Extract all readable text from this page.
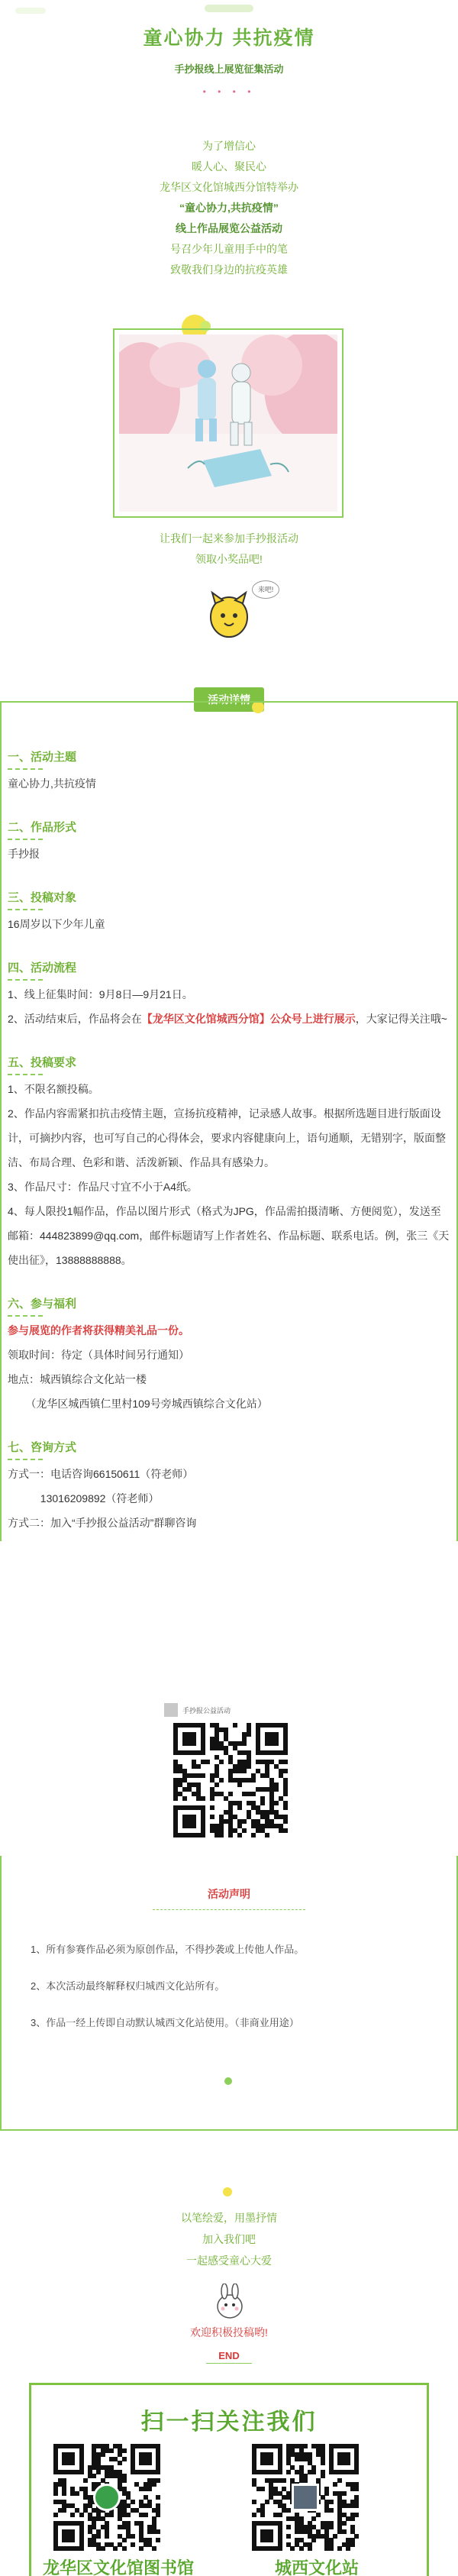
童心协力 共抗疫情
手抄报线上展览征集活动
• • • •

为了增信心

暖人心、聚民心

龙华区文化馆城西分馆特举办

“童心协力,共抗疫情”

线上作品展览公益活动

号召少年儿童用手中的笔

致敬我们身边的抗疫英雄

让我们一起来参加手抄报活动

领取小奖品吧!

来吧!
活动详情
一、活动主题
童心协力,共抗疫情
二、作品形式
手抄报
三、投稿对象
16周岁以下少年儿童
四、活动流程
1、线上征集时间：9月8日—9月21日。
2、活动结束后，作品将会在【龙华区文化馆城西分馆】公众号上进行展示，大家记得关注哦~
五、投稿要求
1、不限名额投稿。
2、作品内容需紧扣抗击疫情主题，宣扬抗疫精神，记录感人故事。根据所选题目进行版面设计，可摘抄内容，也可写自己的心得体会，要求内容健康向上，语句通顺，无错别字，版面整洁、布局合理、色彩和谐、活泼新颖、作品具有感染力。
3、作品尺寸：作品尺寸宜不小于A4纸。
4、每人限投1幅作品，作品以图片形式（格式为JPG，作品需拍摄清晰、方便阅览），发送至邮箱：444823899@qq.com，邮件标题请写上作者姓名、作品标题、联系电话。例，张三《天使出征》，13888888888。
六、参与福利
参与展览的作者将获得精美礼品一份。
领取时间：待定（具体时间另行通知）
地点：城西镇综合文化站一楼
（龙华区城西镇仁里村109号旁城西镇综合文化站）
七、咨询方式
方式一：电话咨询66150611（符老师）
13016209892（符老师）
方式二：加入“手抄报公益活动”群聊咨询
手抄报公益活动
活动声明
1、所有参赛作品必须为原创作品，不得抄袭或上传他人作品。
2、本次活动最终解释权归城西文化站所有。
3、作品一经上传即自动默认城西文化站使用。（非商业用途）

以笔绘爱，用墨抒情

加入我们吧

一起感受童心大爱

欢迎积极投稿哟!
END
扫一扫关注我们
龙华区文化馆图书馆	城西文化站
